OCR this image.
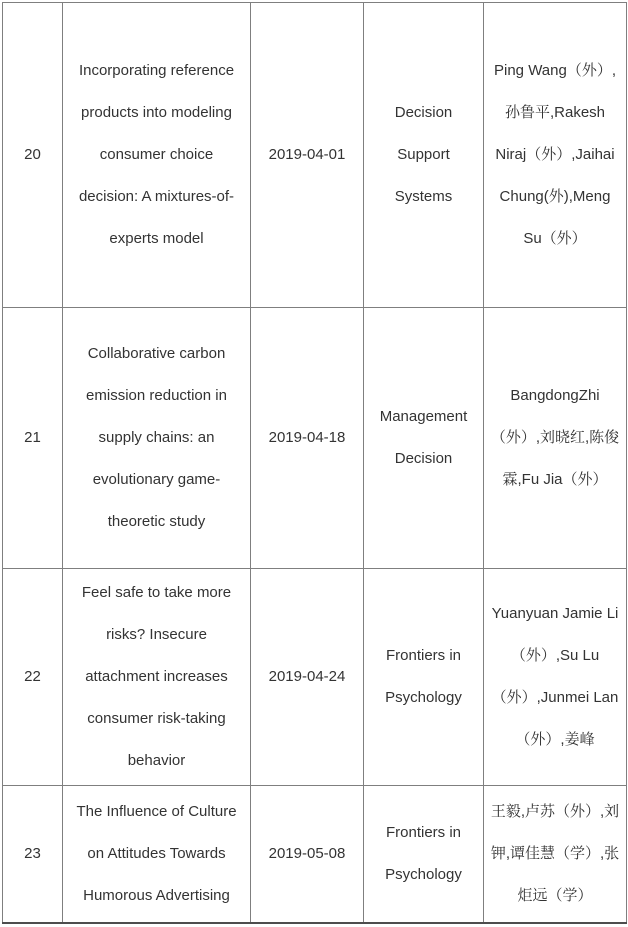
20	Incorporating reference products into modeling consumer choice decision: A mixtures-of-experts model	2019-04-01	Decision Support Systems	Ping Wang（外）,孙鲁平,Rakesh Niraj（外）,Jaihai Chung(外),Meng Su（外）
21	Collaborative carbon emission reduction in supply chains: an evolutionary game-theoretic study	2019-04-18	Management Decision	BangdongZhi（外）,刘晓红,陈俊霖,Fu Jia（外）
22	Feel safe to take more risks? Insecure attachment increases consumer risk-taking behavior	2019-04-24	Frontiers in Psychology	Yuanyuan Jamie Li（外）,Su Lu（外）,Junmei Lan（外）,姜峰
23	The Influence of Culture on Attitudes Towards Humorous Advertising	2019-05-08	Frontiers in Psychology	王毅,卢苏（外）,刘钾,谭佳慧（学）,张炬远（学）
